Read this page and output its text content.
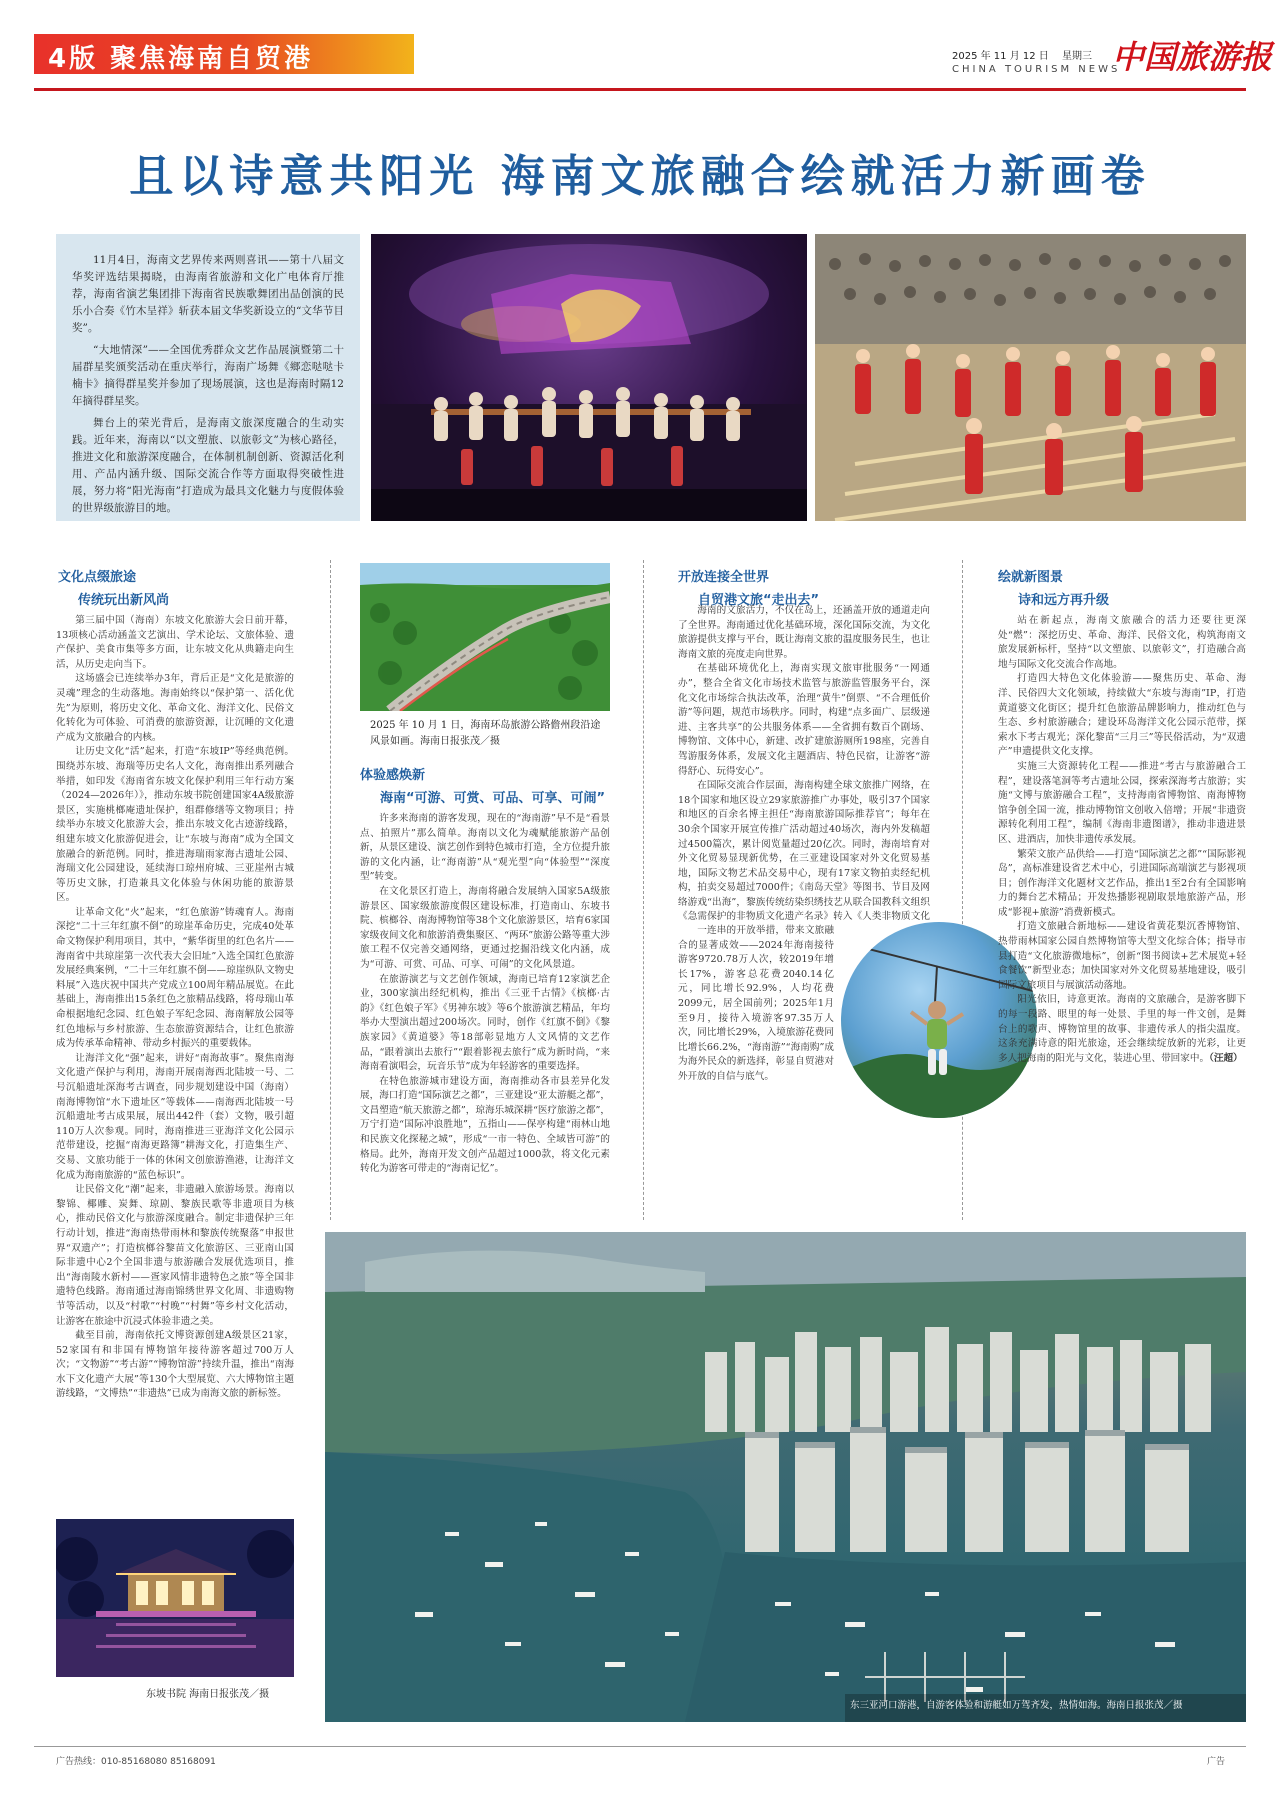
4版 聚焦海南自贸港	2025 年 11 月 12 日 星期三
CHINA TOURISM NEWS
中国旅游报
且以诗意共阳光 海南文旅融合绘就活力新画卷

11月4日，海南文艺界传来两则喜讯——第十八届文华奖评选结果揭晓，由海南省旅游和文化广电体育厅推荐，海南省演艺集团排下海南省民族歌舞团出品创演的民乐小合奏《竹木呈祥》斩获本届文华奖新设立的“文华节目奖”。

“大地情深”——全国优秀群众文艺作品展演暨第二十届群星奖颁奖活动在重庆举行，海南广场舞《鄉恋哒哒卡楠卡》摘得群星奖并参加了现场展演，这也是海南时隔12年摘得群星奖。

舞台上的荣光背后，是海南文旅深度融合的生动实践。近年来，海南以“以文塑旅、以旅彰文”为核心路径，推进文化和旅游深度融合，在体制机制创新、资源活化利用、产品内涵升级、国际交流合作等方面取得突破性进展，努力将“阳光海南”打造成为最具文化魅力与度假体验的世界级旅游目的地。

文化点缀旅途
传统玩出新风尚

第三届中国（海南）东坡文化旅游大会日前开幕，13项核心活动涵盖文艺演出、学术论坛、文旅体验、遗产保护、美食市集等多方面，让东坡文化从典籍走向生活，从历史走向当下。

这场盛会已连续举办3年，背后正是“文化是旅游的灵魂”理念的生动落地。海南始终以“保护第一、活化优先”为原则，将历史文化、革命文化、海洋文化、民俗文化转化为可体验、可消费的旅游资源，让沉睡的文化遗产成为文旅融合的内核。

让历史文化“活”起来，打造“东坡IP”等经典范例。围绕苏东坡、海瑞等历史名人文化，海南推出系列融合举措，如印发《海南省东坡文化保护利用三年行动方案（2024—2026年）》，推动东坡书院创建国家4A级旅游景区，实施桃榔庵遗址保护，组群修缮等文物项目；持续举办东坡文化旅游大会，推出东坡文化古迹游线路，组建东坡文化旅游促进会，让“东坡与海南”成为全国文旅融合的新范例。同时，推进海瑞雨家海古遗址公园、海瑞文化公园建设，延续海口琼州府城、三亚崖州古城等历史文脉，打造兼具文化体验与休闲功能的旅游景区。

让革命文化“火”起来，“红色旅游”铸魂育人。海南深挖“二十三年红旗不倒”的琼崖革命历史，完成40处革命文物保护利用项目，其中，“紫华街里的红色名片——海南省中共琼崖第一次代表大会旧址”入选全国红色旅游发展经典案例，“二十三年红旗不倒——琼崖纵队文物史料展”入选庆祝中国共产党成立100周年精品展览。在此基础上，海南推出15条红色之旅精品线路，将母瑞山革命根据地纪念园、红色娘子军纪念园、海南解放公园等红色地标与乡村旅游、生态旅游资源结合，让红色旅游成为传承革命精神、带动乡村振兴的重要载体。

让海洋文化“强”起来，讲好“南海故事”。聚焦南海文化遗产保护与利用，海南开展南海西北陆坡一号、二号沉船遗址深海考古调查，同步规划建设中国（海南）南海博物馆“水下遗址区”等载体——南海西北陆坡一号沉船遗址考古成果展，展出442件（套）文物，吸引超110万人次参观。同时，海南推进三亚海洋文化公园示范带建设，挖掘“南海更路簿”耕海文化，打造集生产、交易、文旅功能于一体的休闲文创旅游渔港，让海洋文化成为海南旅游的“蓝色标识”。

让民俗文化“潮”起来，非遗融入旅游场景。海南以黎锦、椰雕、炭舞、琼剧、黎族民歌等非遗项目为核心，推动民俗文化与旅游深度融合。制定非遗保护三年行动计划，推进“海南热带雨林和黎族传统聚落”申报世界“双遗产”；打造槟榔谷黎苗文化旅游区、三亚南山国际非遗中心2个全国非遗与旅游融合发展优选项目，推出“海南陵水新村——疍家风情非遗特色之旅”等全国非遗特色线路。海南通过海南锦绣世界文化周、非遗购物节等活动，以及“村歌”“村晚”“村舞”等乡村文化活动，让游客在旅途中沉浸式体验非遗之美。

截至目前，海南依托文博资源创建A级景区21家，52家国有和非国有博物馆年接待游客超过700万人次；“文物游”“考古游”“博物馆游”持续升温，推出“南海水下文化遗产大展”等130个大型展览、六大博物馆主题游线路，“文博热”“非遗热”已成为南海文旅的新标签。

2025 年 10 月 1 日，海南环岛旅游公路儋州段沿途风景如画。海南日报张茂／摄
体验感焕新
海南“可游、可赏、可品、可享、可闹”

许多来海南的游客发现，现在的“海南游”早不是“看景点、拍照片”那么简单。海南以文化为魂赋能旅游产品创新，从景区建设、演艺创作到特色城市打造，全方位提升旅游的文化内涵，让“海南游”从“观光型”向“体验型”“深度型”转变。

在文化景区打造上，海南将融合发展纳入国家5A级旅游景区、国家级旅游度假区建设标准，打造南山、东坡书院、槟榔谷、南海博物馆等38个文化旅游景区，培育6家国家级夜间文化和旅游消费集聚区、“两环”旅游公路等重大涉旅工程不仅完善交通网络，更通过挖掘沿线文化内涵，成为“可游、可赏、可品、可享、可闹”的文化风景道。

在旅游演艺与文艺创作领域，海南已培育12家演艺企业，300家演出经纪机构，推出《三亚千古情》《槟榔·古韵》《红色娘子军》《男神东坡》等6个旅游演艺精品，年均举办大型演出超过200场次。同时，创作《红旗不倒》《黎族家园》《黄道婆》等18部彰显地方人文风情的文艺作品，“跟着演出去旅行”“跟着影视去旅行”成为新时尚，“来海南看演唱会，玩音乐节”成为年轻游客的重要选择。

在特色旅游城市建设方面，海南推动各市县差异化发展，海口打造“国际演艺之都”，三亚建设“亚太游艇之都”，文昌塑造“航天旅游之都”，琼海乐城深耕“医疗旅游之都”，万宁打造“国际冲浪胜地”，五指山——保亭构建“雨林山地和民族文化探秘之城”，形成“一市一特色、全域皆可游”的格局。此外，海南开发文创产品超过1000款，将文化元素转化为游客可带走的“海南记忆”。

开放连接全世界
自贸港文旅“走出去”

海南的文旅活力，不仅在岛上，还涵盖开放的通道走向了全世界。海南通过优化基础环境，深化国际交流，为文化旅游提供支撑与平台，既让海南文旅的温度服务民生，也让海南文旅的亮度走向世界。

在基础环境优化上，海南实现文旅审批服务“一网通办”，整合全省文化市场技术监管与旅游监管服务平台，深化文化市场综合执法改革，治理“黄牛”倒票、“不合理低价游”等问题，规范市场秩序。同时，构建“点多面广、层级递进、主客共享”的公共服务体系——全省拥有数百个剧场、博物馆、文体中心，新建、改扩建旅游厕所198座，完善自驾游服务体系，发展文化主题酒店、特色民宿，让游客“游得舒心、玩得安心”。

在国际交流合作层面，海南构建全球文旅推广网络，在18个国家和地区设立29家旅游推广办事处，吸引37个国家和地区的百余名博主担任“海南旅游国际推荐官”；每年在30余个国家开展宣传推广活动超过40场次，海内外发稿超过4500篇次，累计阅览量超过20亿次。同时，海南培育对外文化贸易显现新优势，在三亚建设国家对外文化贸易基地，国际文物艺术品交易中心，现有17家文物拍卖经纪机构，拍卖交易超过7000件；《南岛天堂》等图书、节目及网络游戏“出海”，黎族传统纺染织绣技艺从联合国教科文组织《急需保护的非物质文化遗产名录》转入《人类非物质文化

一连串的开放举措，带来文旅融合的显著成效——2024年海南接待游客9720.78万人次，较2019年增长17%，游客总花费2040.14亿元，同比增长92.9%，人均花费2099元，居全国前列；2025年1月至9月，接待入境游客97.35万人次，同比增长29%，入境旅游花费同比增长66.2%，“海南游”“海南购”成为海外民众的新选择，彰显自贸港对外开放的自信与底气。

绘就新图景
诗和远方再升级

站在新起点，海南文旅融合的活力还要往更深处“燃”：深挖历史、革命、海洋、民俗文化，构筑海南文旅发展新标杆，坚持“以文塑旅、以旅彰文”，打造融合高地与国际文化交流合作高地。

打造四大特色文化体验游——聚焦历史、革命、海洋、民俗四大文化领域，持续做大“东坡与海南”IP，打造黄道婆文化街区；提升红色旅游品牌影响力，推动红色与生态、乡村旅游融合；建设环岛海洋文化公园示范带，探索水下考古观光；深化黎苗“三月三”等民俗活动，为“双遗产”申遗提供文化支撑。

实施三大资源转化工程——推进“考古与旅游融合工程”，建设落笔洞等考古遗址公园，探索深海考古旅游；实施“文博与旅游融合工程”，支持海南省博物馆、南海博物馆争创全国一流，推动博物馆文创收入倍增；开展“非遗资源转化利用工程”，编制《海南非遗图谱》，推动非遗进景区、进酒店，加快非遗传承发展。

繁荣文旅产品供给——打造“国际演艺之都”“国际影视岛”，高标准建设省艺术中心，引进国际高端演艺与影视项目；创作海洋文化题材文艺作品，推出1至2台有全国影响力的舞台艺术精品；开发热播影视剧取景地旅游产品，形成“影视+旅游”消费新模式。

打造文旅融合新地标——建设省黄花梨沉香博物馆、热带雨林国家公园自然博物馆等大型文化综合体；指导市县打造“文化旅游微地标”，创新“图书阅读+艺术展览+轻食餐饮”新型业态；加快国家对外文化贸易基地建设，吸引国际文旅项目与展演活动落地。

阳光依旧，诗意更浓。海南的文旅融合，是游客脚下的每一段路、眼里的每一处景、手里的每一件文创，是舞台上的歌声、博物馆里的故事、非遗传承人的指尖温度。这条充满诗意的阳光旅途，还会继续绽放新的光彩，让更多人把海南的阳光与文化，装进心里、带回家中。（汪超）

东三亚河口游港，自游客体验和游艇如万驾齐发，热情如海。海南日报张茂／摄
东坡书院 海南日报张茂／摄
广告热线：010-85168080 85168091	广告
